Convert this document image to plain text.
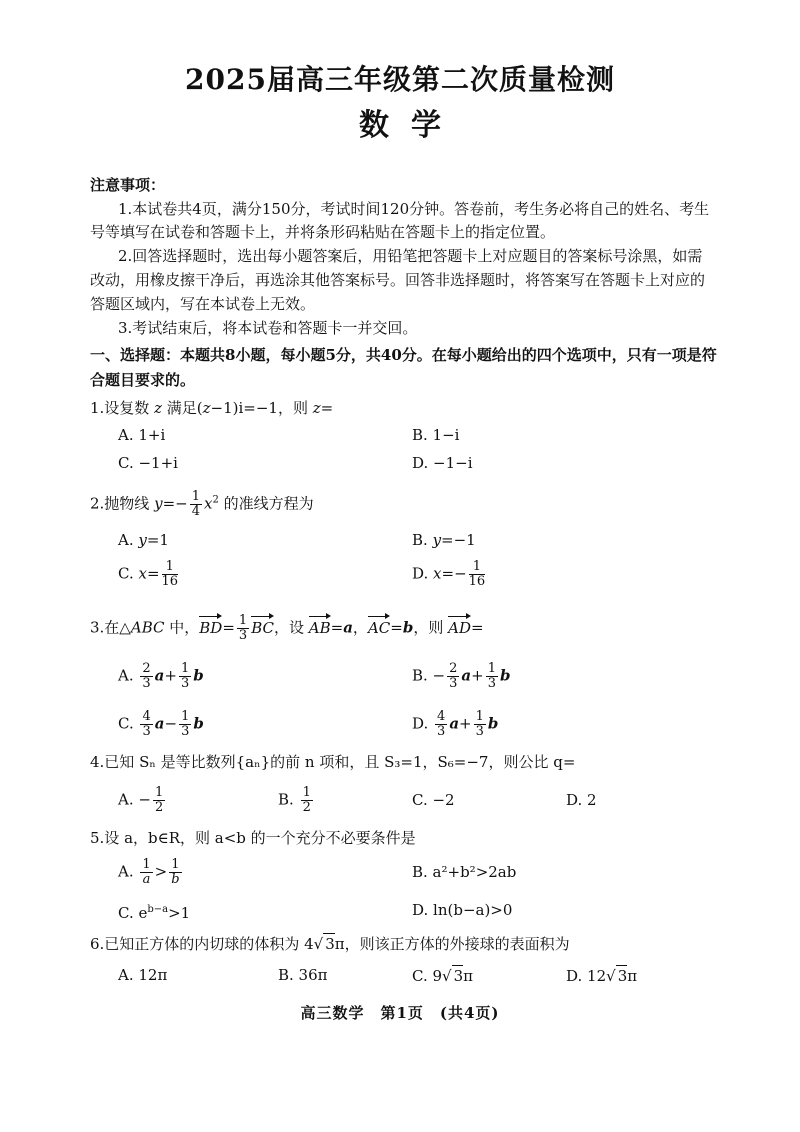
2025届高三年级第二次质量检测
数学
注意事项：
1.本试卷共4页，满分150分，考试时间120分钟。答卷前，考生务必将自己的姓名、考生
号等填写在试卷和答题卡上，并将条形码粘贴在答题卡上的指定位置。
2.回答选择题时，选出每小题答案后，用铅笔把答题卡上对应题目的答案标号涂黑，如需
改动，用橡皮擦干净后，再选涂其他答案标号。回答非选择题时，将答案写在答题卡上对应的
答题区域内，写在本试卷上无效。
3.考试结束后，将本试卷和答题卡一并交回。
一、选择题：本题共8小题，每小题5分，共40分。在每小题给出的四个选项中，只有一项是符
合题目要求的。
1.设复数 z 满足(z−1)i=−1，则 z=
A. 1+i	B. 1−i
C. −1+i	D. −1−i
2.抛物线 $y=- \frac{1}{4} x^2$ 的准线方程为
A. y=1	B. y=−1
C. $x= \frac{1}{16}$	D. $x=- \frac{1}{16}$
3.在△ABC 中，$BD= \frac{1}{3}$ BC，设 AB=a，AC=b，则 AD=
A. $\frac{2}{3} a+ \frac{1}{3}$ b	B. − $\frac{2}{3} a+ \frac{1}{3}$ b
C. $\frac{4}{3} a- \frac{1}{3}$ b	D. $\frac{4}{3} a+ \frac{1}{3}$ b
4.已知 Sₙ 是等比数列{aₙ}的前 n 项和，且 S₃=1，S₆=−7，则公比 q=
A. − $\frac{1}{2}$	B. $\frac{1}{2}$	C. −2	D. 2
5.设 a，b∈R，则 a<b 的一个充分不必要条件是
A. $\frac{1}{a} > \frac{1}{b}$	B. a²+b²>2ab
C. $e^{b-a}>1$	D. ln(b−a)>0
6.已知正方体的内切球的体积为 4√ 3π，则该正方体的外接球的表面积为
A. 12π	B. 36π	C. 9√ 3π	D. 12√ 3π
高三数学　第1页　(共4页)
